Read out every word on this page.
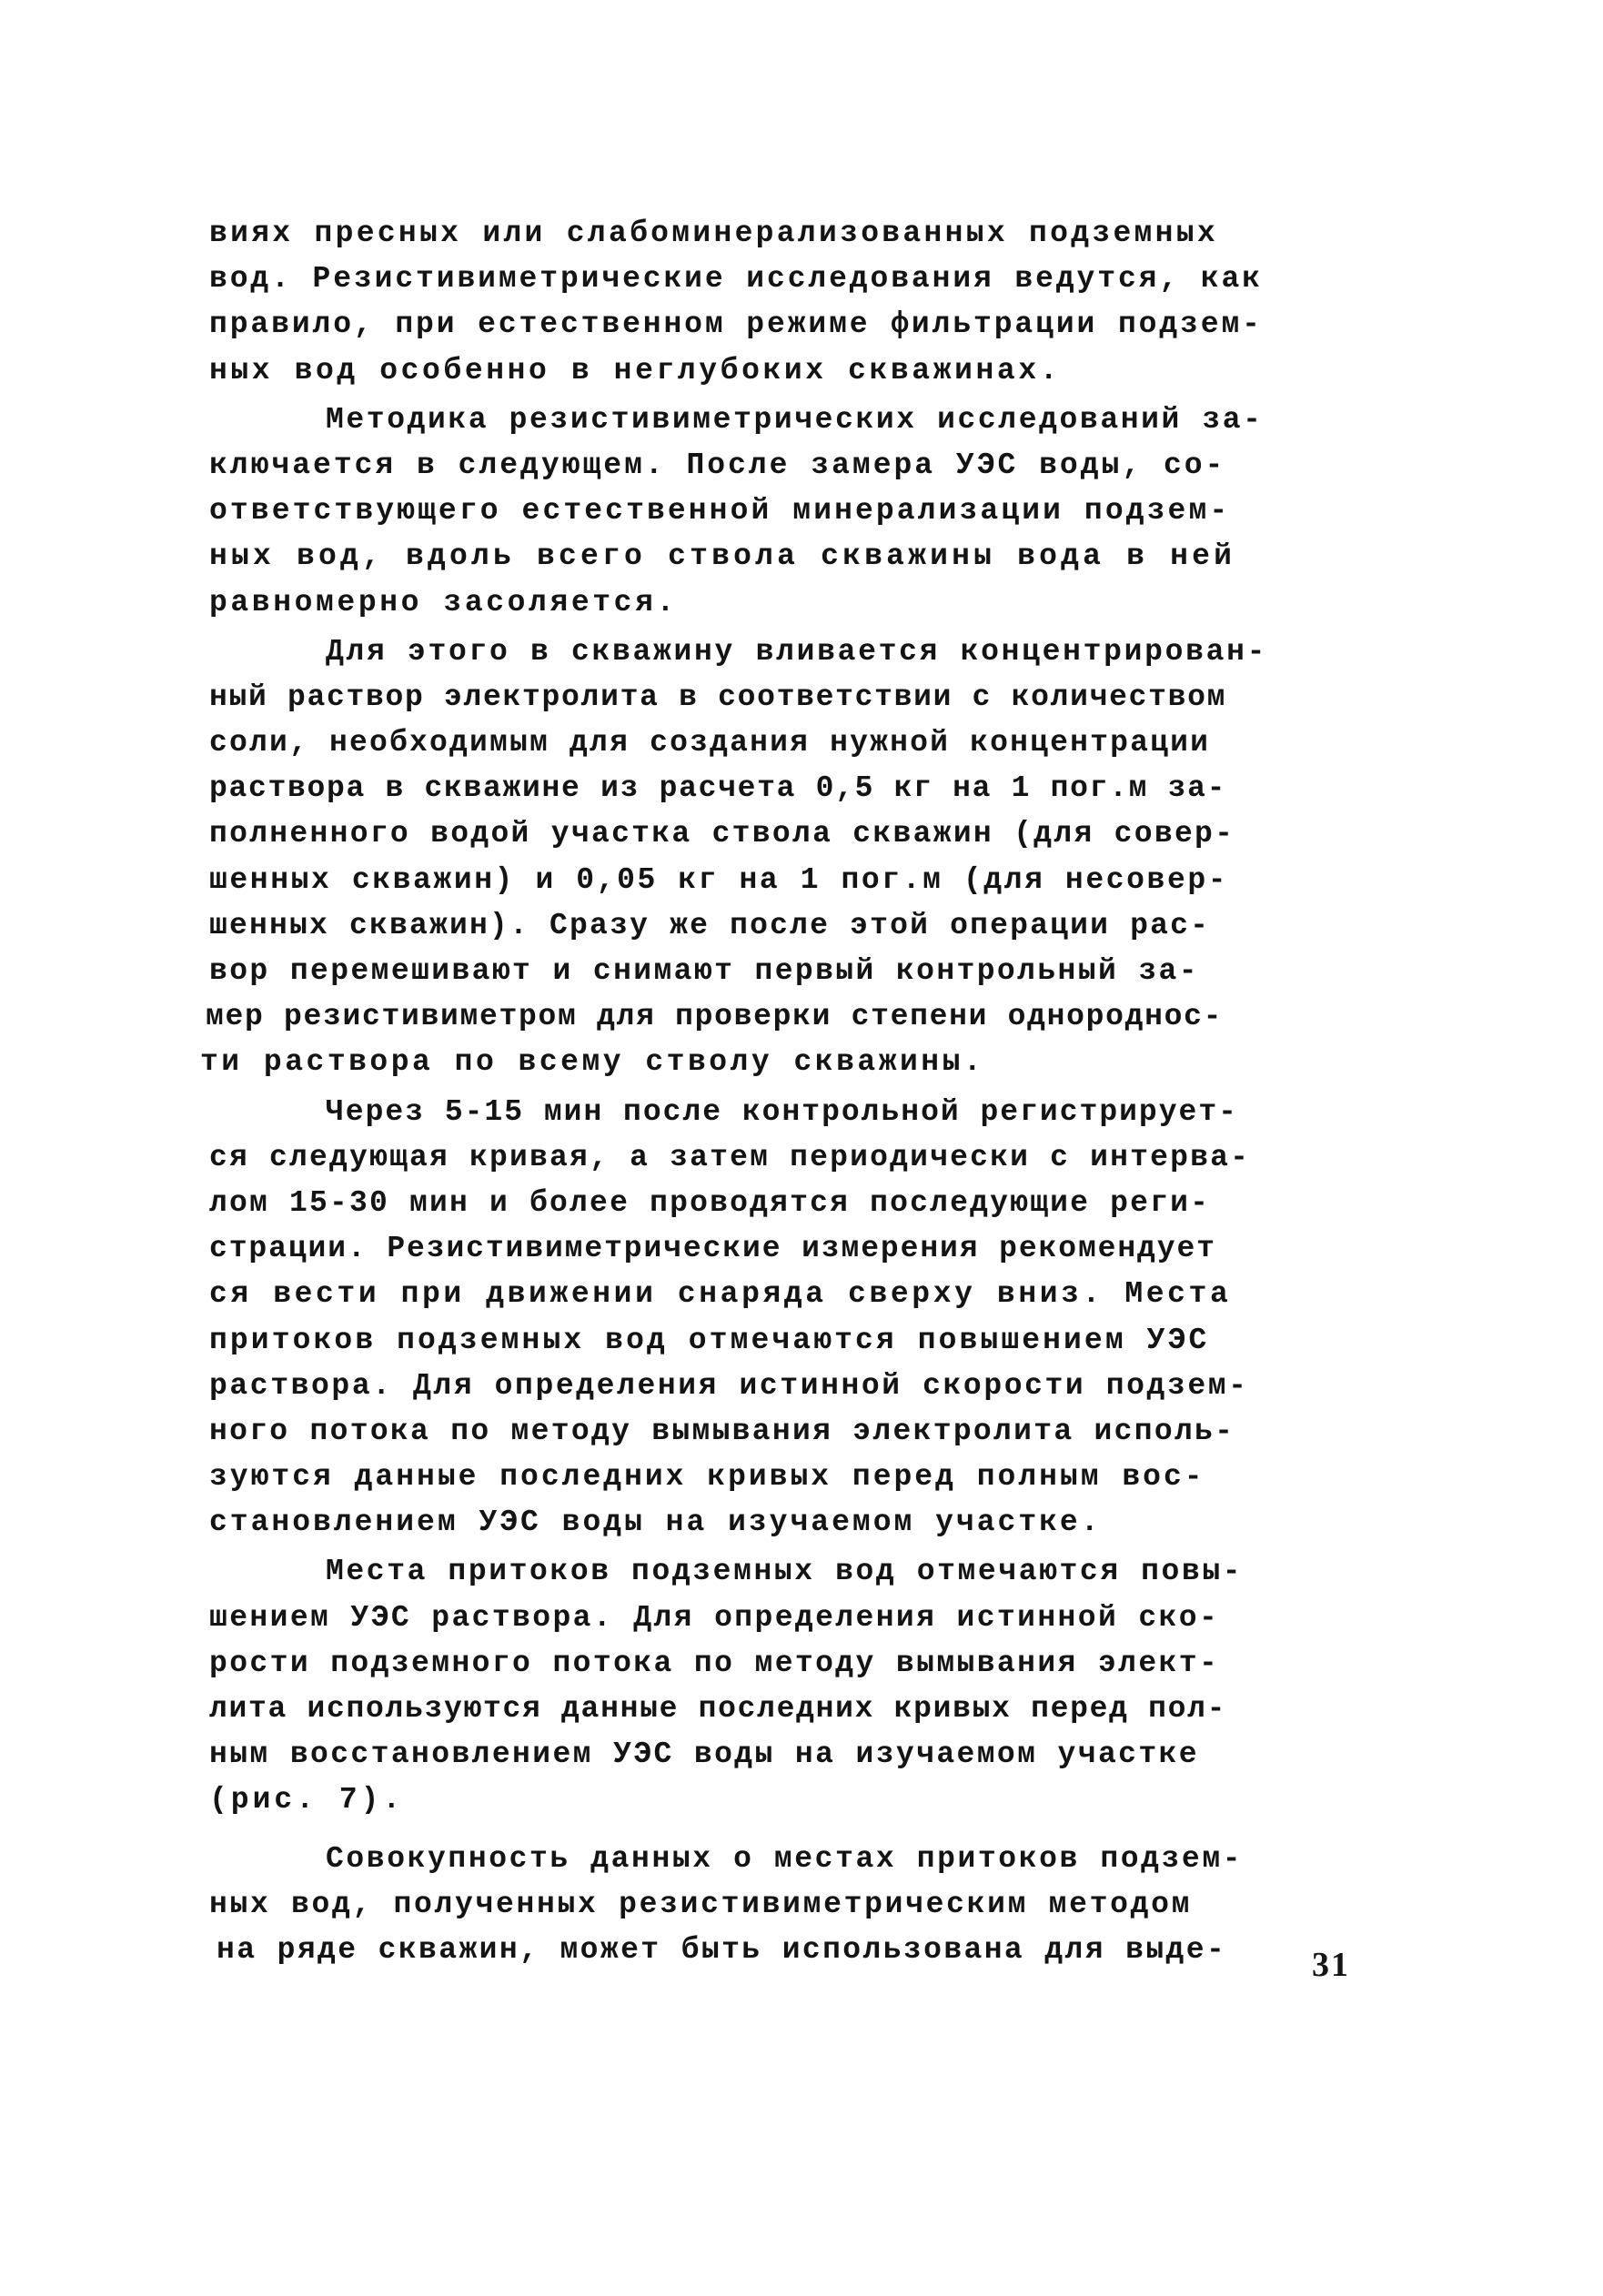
виях пресных или слабоминерализованных подземных
вод. Резистивиметрические исследования ведутся, как
правило, при естественном режиме фильтрации подзем-
ных вод особенно в неглубоких скважинах.
Методика резистивиметрических исследований за-
ключается в следующем. После замера УЭС воды, со-
ответствующего естественной минерализации подзем-
ных вод, вдоль всего ствола скважины вода в ней
равномерно засоляется.
Для этого в скважину вливается концентрирован-
ный раствор электролита в соответствии с количеством
соли, необходимым для создания нужной концентрации
раствора в скважине из расчета 0,5 кг на 1 пог.м за-
полненного водой участка ствола скважин (для совер-
шенных скважин) и 0,05 кг на 1 пог.м (для несовер-
шенных скважин). Сразу же после этой операции рас-
вор перемешивают и снимают первый контрольный за-
мер резистивиметром для проверки степени однороднос-
ти раствора по всему стволу скважины.
Через 5-15 мин после контрольной регистрирует-
ся следующая кривая, а затем периодически с интерва-
лом 15-30 мин и более проводятся последующие реги-
страции. Резистивиметрические измерения рекомендует
ся вести при движении снаряда сверху вниз. Места
притоков подземных вод отмечаются повышением УЭС
раствора. Для определения истинной скорости подзем-
ного потока по методу вымывания электролита исполь-
зуются данные последних кривых перед полным вос-
становлением УЭС воды на изучаемом участке.
Места притоков подземных вод отмечаются повы-
шением УЭС раствора. Для определения истинной ско-
рости подземного потока по методу вымывания элект-
лита используются данные последних кривых перед пол-
ным восстановлением УЭС воды на изучаемом участке
(рис. 7).
Совокупность данных о местах притоков подзем-
ных вод, полученных резистивиметрическим методом
на ряде скважин, может быть использована для выде-	31
